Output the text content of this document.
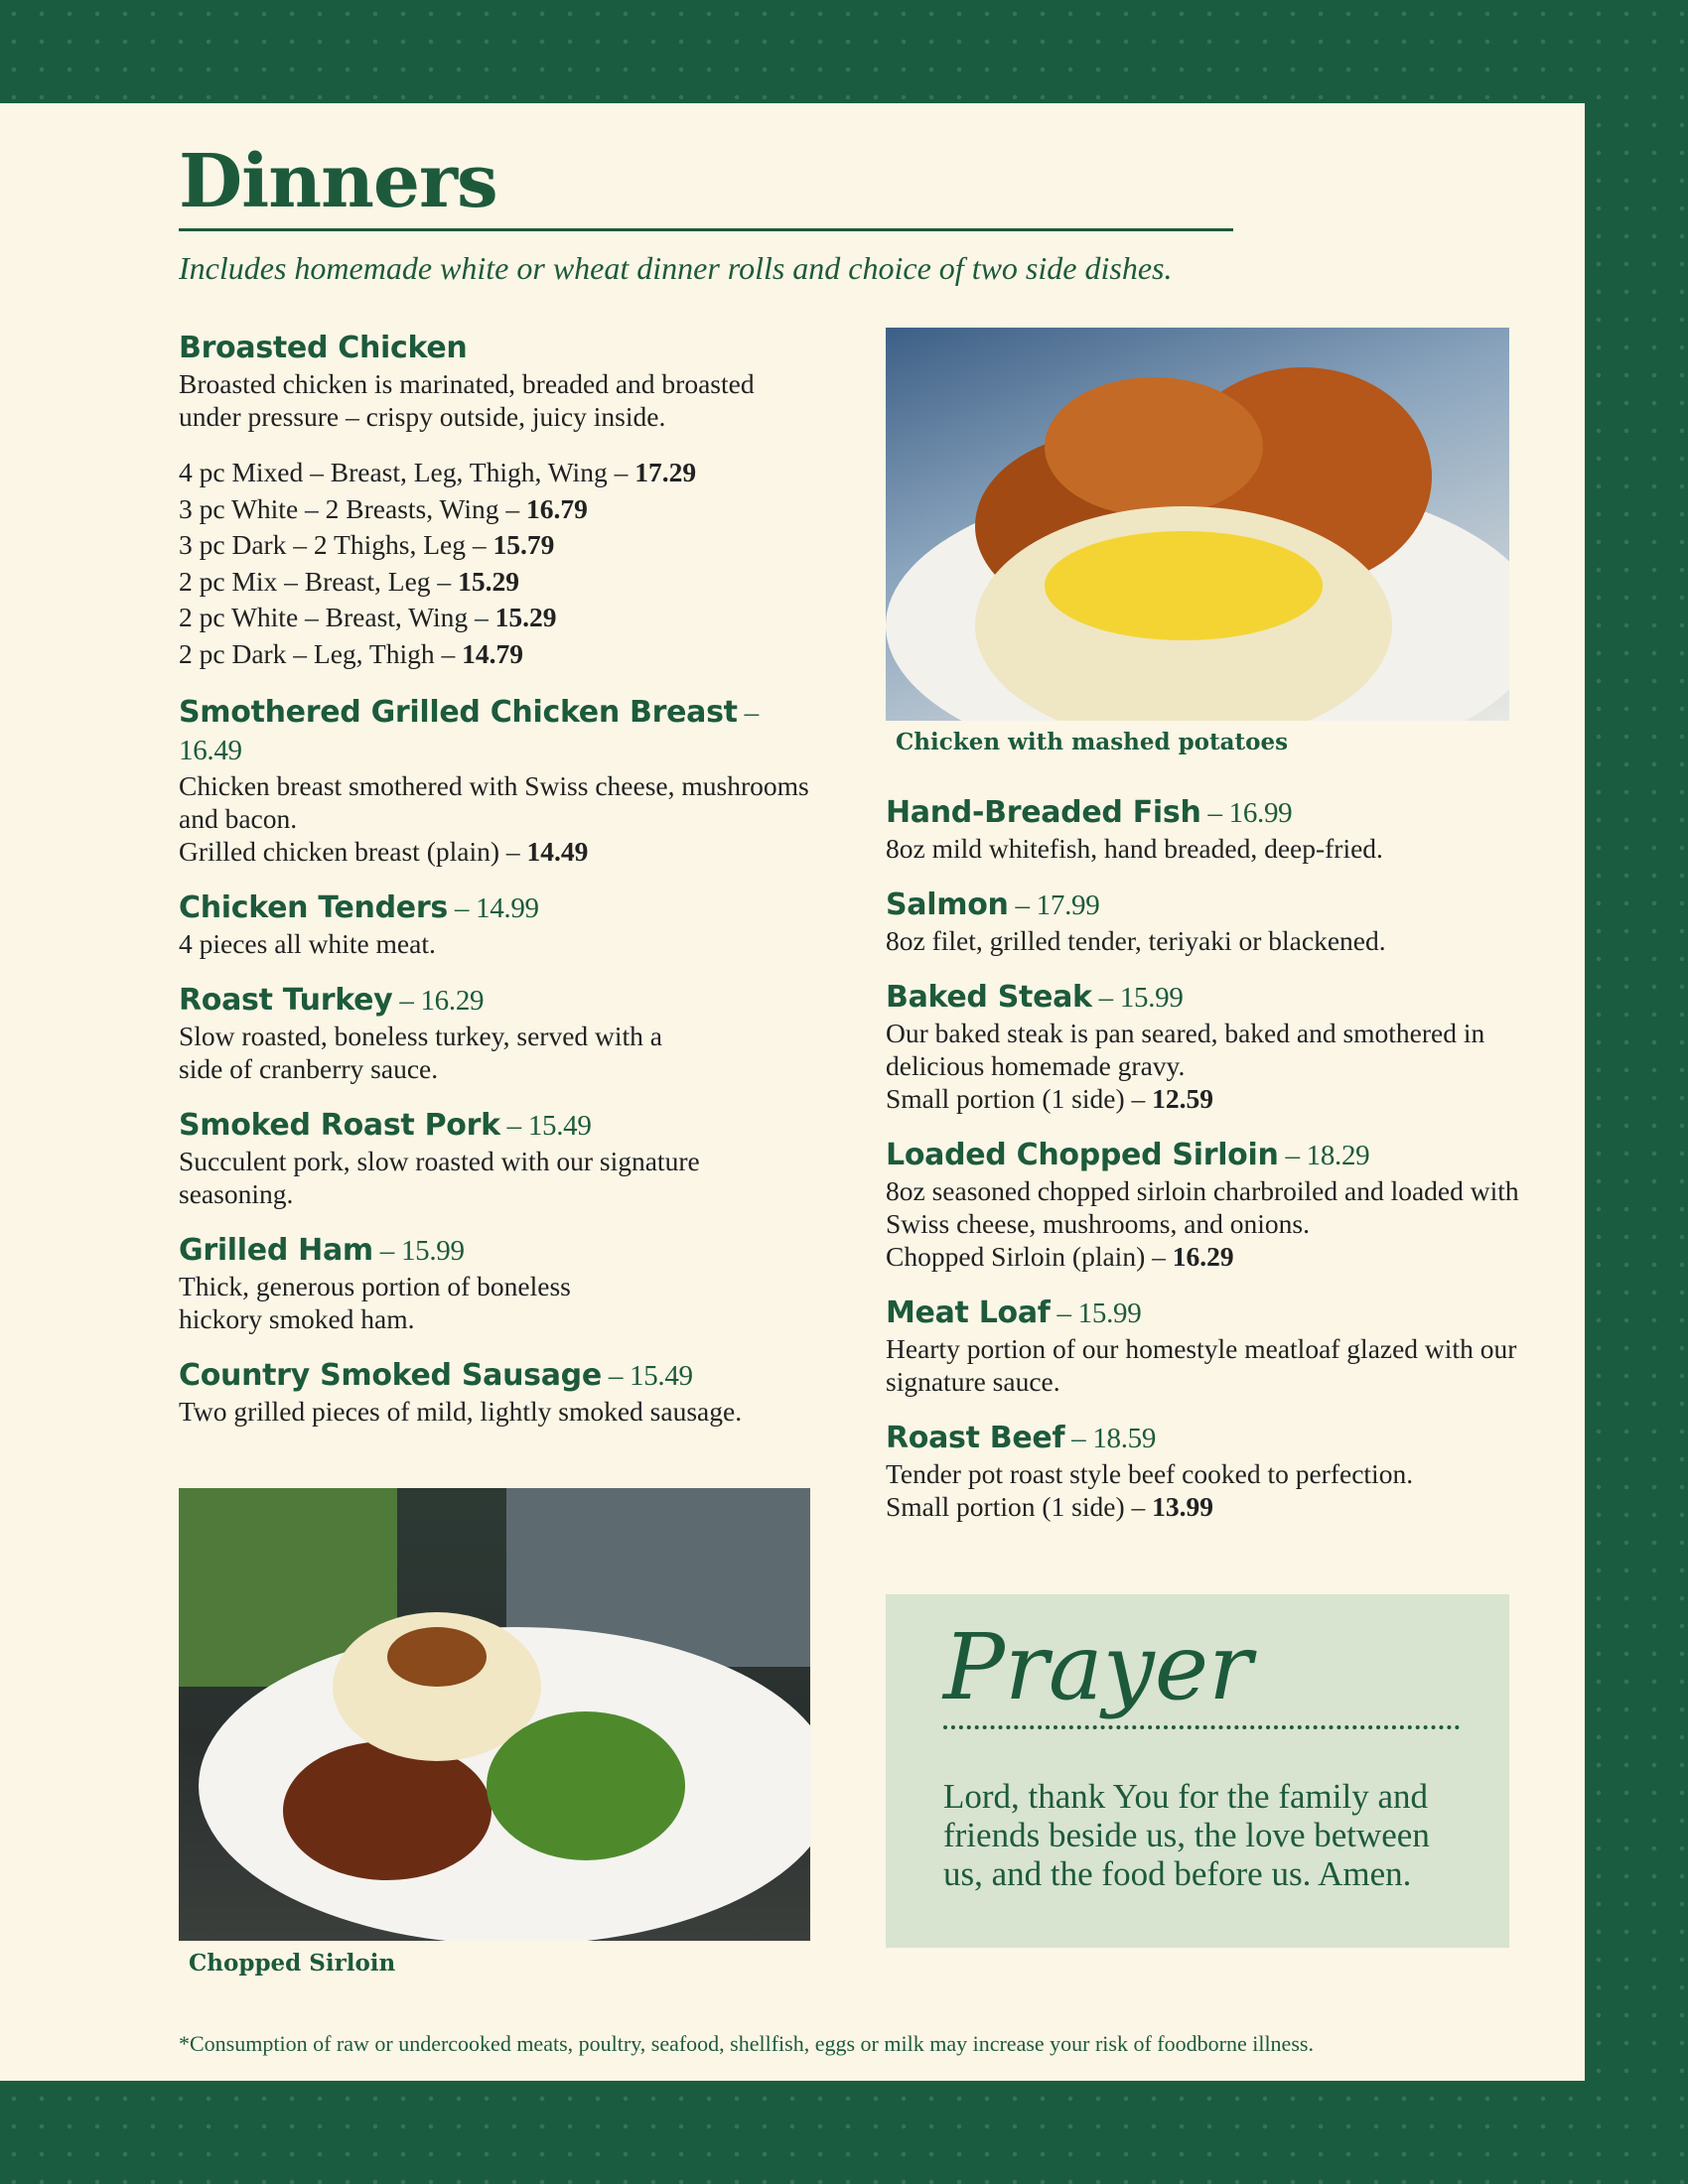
Dinners

Includes homemade white or wheat dinner rolls and choice of two side dishes.

Broasted Chicken
Broasted chicken is marinated, breaded and broasted under pressure – crispy outside, juicy inside.
4 pc Mixed – Breast, Leg, Thigh, Wing – 17.29
3 pc White – 2 Breasts, Wing – 16.79
3 pc Dark – 2 Thighs, Leg – 15.79
2 pc Mix – Breast, Leg – 15.29
2 pc White – Breast, Wing – 15.29
2 pc Dark – Leg, Thigh – 14.79
Smothered Grilled Chicken Breast – 16.49
Chicken breast smothered with Swiss cheese, mushrooms and bacon.
Grilled chicken breast (plain) – 14.49
Chicken Tenders – 14.99
4 pieces all white meat.
Roast Turkey – 16.29
Slow roasted, boneless turkey, served with a side of cranberry sauce.
Smoked Roast Pork – 15.49
Succulent pork, slow roasted with our signature seasoning.
Grilled Ham – 15.99
Thick, generous portion of boneless hickory smoked ham.
Country Smoked Sausage – 15.49
Two grilled pieces of mild, lightly smoked sausage.
Chicken with mashed potatoes
Hand-Breaded Fish – 16.99
8oz mild whitefish, hand breaded, deep-fried.
Salmon – 17.99
8oz filet, grilled tender, teriyaki or blackened.
Baked Steak – 15.99
Our baked steak is pan seared, baked and smothered in delicious homemade gravy.
Small portion (1 side) – 12.59
Loaded Chopped Sirloin – 18.29
8oz seasoned chopped sirloin charbroiled and loaded with Swiss cheese, mushrooms, and onions.
Chopped Sirloin (plain) – 16.29
Meat Loaf – 15.99
Hearty portion of our homestyle meatloaf glazed with our signature sauce.
Roast Beef – 18.59
Tender pot roast style beef cooked to perfection.
Small portion (1 side) – 13.99
Chopped Sirloin
Prayer

Lord, thank You for the family and friends beside us, the love between us, and the food before us. Amen.

*Consumption of raw or undercooked meats, poultry, seafood, shellfish, eggs or milk may increase your risk of foodborne illness.
